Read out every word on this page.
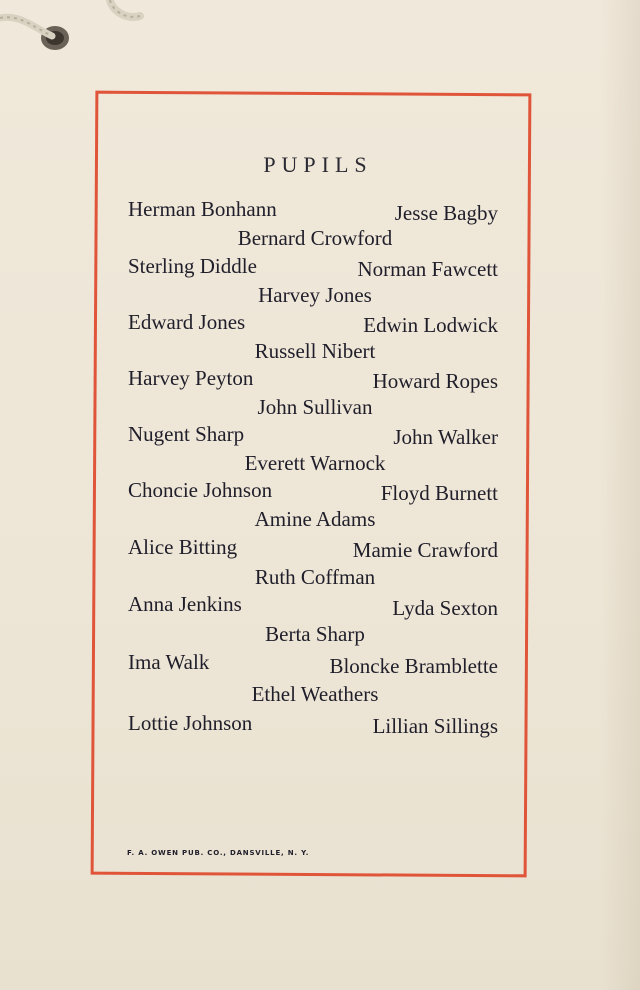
PUPILS
Herman Bonhann	Jesse Bagby
Bernard Crowford
Sterling Diddle	Norman Fawcett
Harvey Jones
Edward Jones	Edwin Lodwick
Russell Nibert
Harvey Peyton	Howard Ropes
John Sullivan
Nugent Sharp	John Walker
Everett Warnock
Choncie Johnson	Floyd Burnett
Amine Adams
Alice Bitting	Mamie Crawford
Ruth Coffman
Anna Jenkins	Lyda Sexton
Berta Sharp
Ima Walk	Bloncke Bramblette
Ethel Weathers
Lottie Johnson	Lillian Sillings
F. A. OWEN PUB. CO., DANSVILLE, N. Y.
